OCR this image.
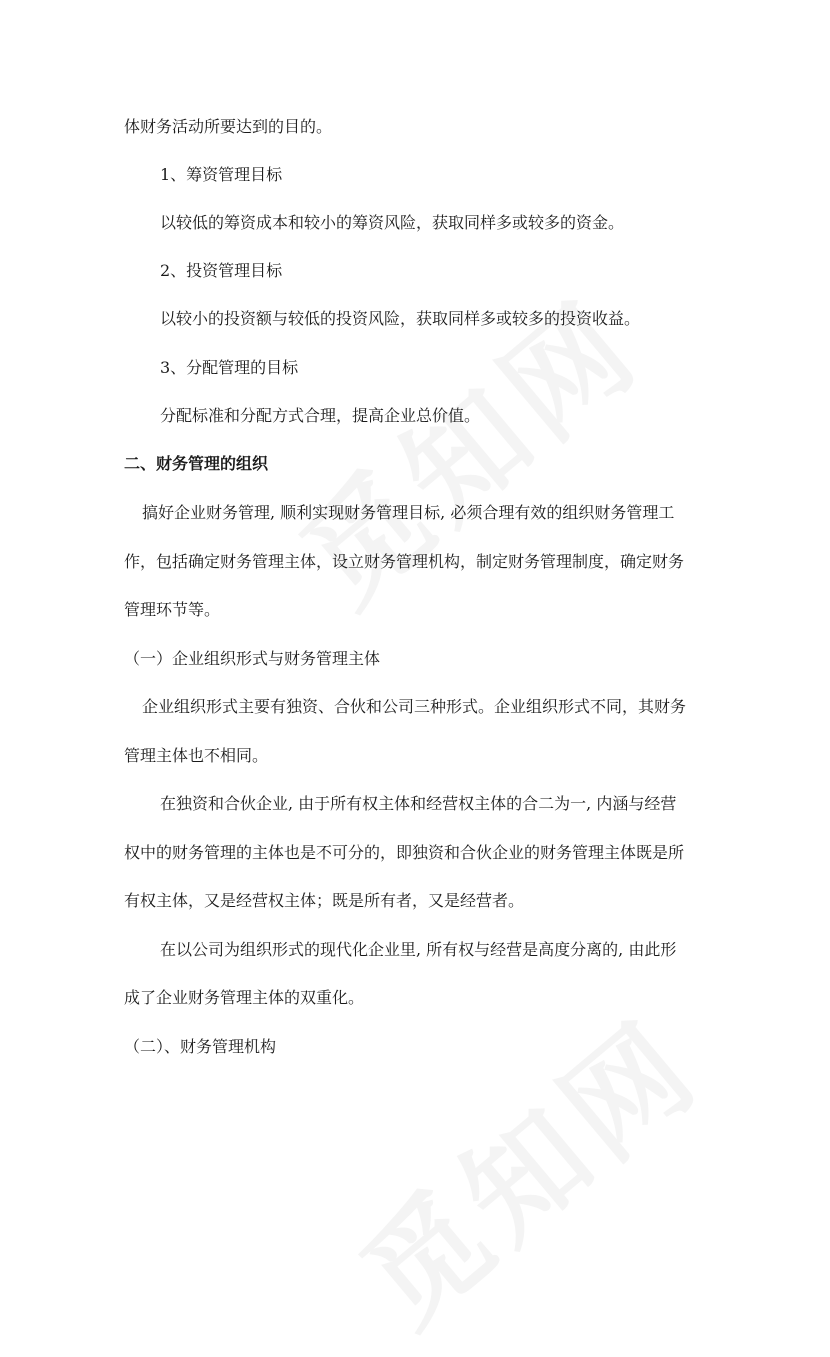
体财务活动所要达到的目的。
1、筹资管理目标
以较低的筹资成本和较小的筹资风险，获取同样多或较多的资金。
2、投资管理目标
以较小的投资额与较低的投资风险，获取同样多或较多的投资收益。
3、分配管理的目标
分配标准和分配方式合理，提高企业总价值。
二、财务管理的组织
搞好企业财务管理, 顺利实现财务管理目标, 必须合理有效的组织财务管理工
作，包括确定财务管理主体，设立财务管理机构，制定财务管理制度，确定财务
管理环节等。
（一）企业组织形式与财务管理主体
企业组织形式主要有独资、合伙和公司三种形式。企业组织形式不同，其财务
管理主体也不相同。
在独资和合伙企业, 由于所有权主体和经营权主体的合二为一, 内涵与经营
权中的财务管理的主体也是不可分的，即独资和合伙企业的财务管理主体既是所
有权主体，又是经营权主体；既是所有者，又是经营者。
在以公司为组织形式的现代化企业里, 所有权与经营是高度分离的, 由此形
成了企业财务管理主体的双重化。
（二）、财务管理机构
